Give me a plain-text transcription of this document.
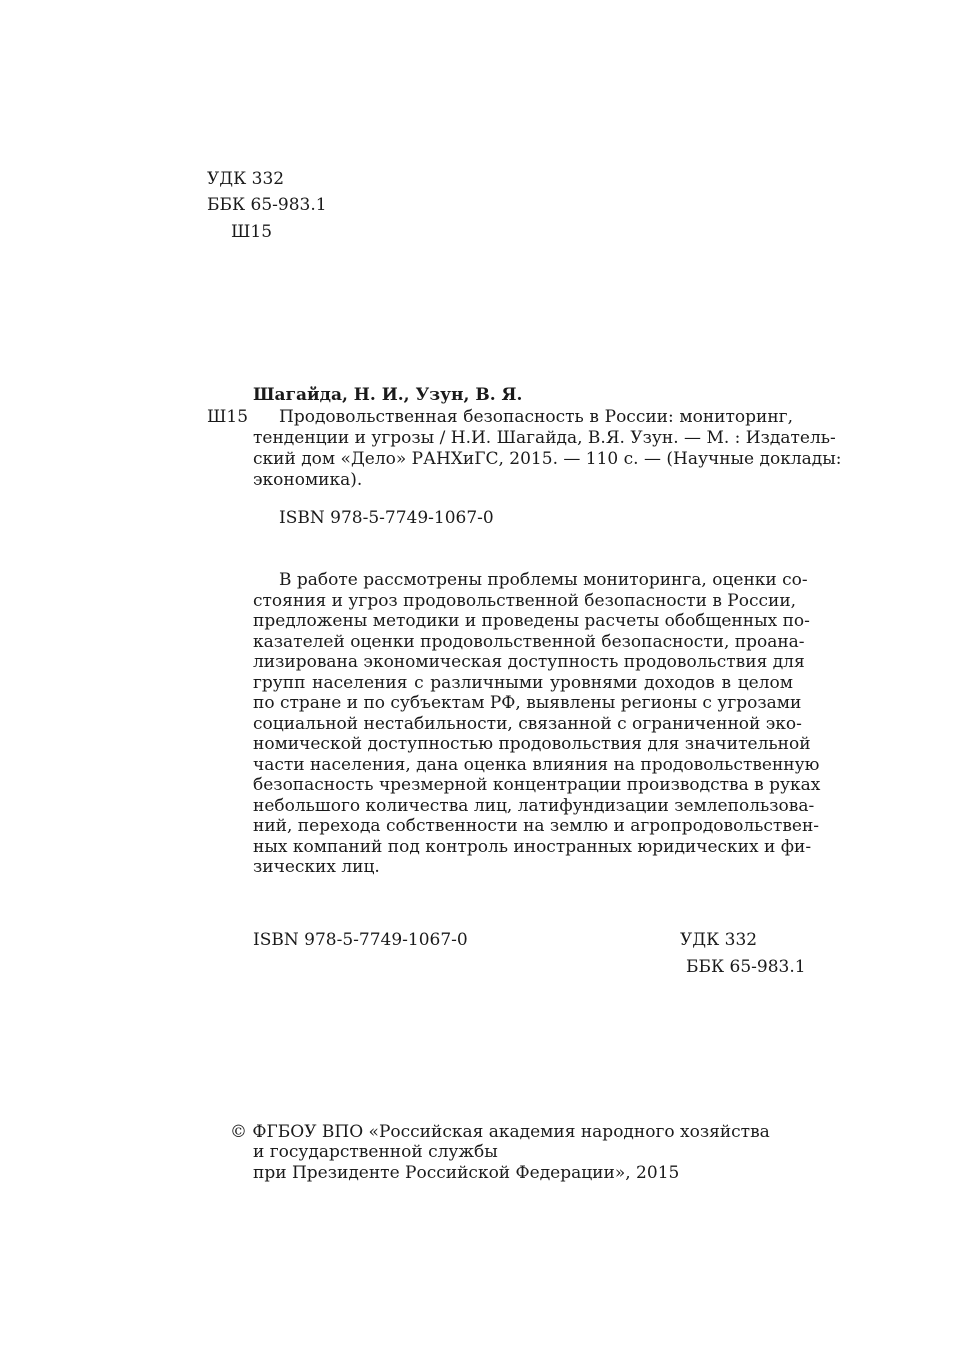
УДК 332

ББК 65-983.1

Ш15

Шагайда, Н. И., Узун, В. Я.

Ш15 Продовольственная безопасность в России: мониторинг,

тенденции и угрозы / Н.И. Шагайда, В.Я. Узун. — М. : Издатель-

ский дом «Дело» РАНХиГС, 2015. — 110 с. — (Научные доклады:

экономика).

ISBN 978-5-7749-1067-0

В работе рассмотрены проблемы мониторинга, оценки со-

стояния и угроз продовольственной безопасности в России,

предложены методики и проведены расчеты обобщенных по-

казателей оценки продовольственной безопасности, проана-

лизирована экономическая доступность продовольствия для

групп населения с различными уровнями доходов в целом

по стране и по субъектам РФ, выявлены регионы с угрозами

социальной нестабильности, связанной с ограниченной эко-

номической доступностью продовольствия для значительной

части населения, дана оценка влияния на продовольственную

безопасность чрезмерной концентрации производства в руках

небольшого количества лиц, латифундизации землепользова-

ний, перехода собственности на землю и агропродовольствен-

ных компаний под контроль иностранных юридических и фи-

зических лиц.

ISBN 978-5-7749-1067-0	УДК 332

ББК 65-983.1

© ФГБОУ ВПО «Российская академия народного хозяйства

и государственной службы

при Президенте Российской Федерации», 2015
